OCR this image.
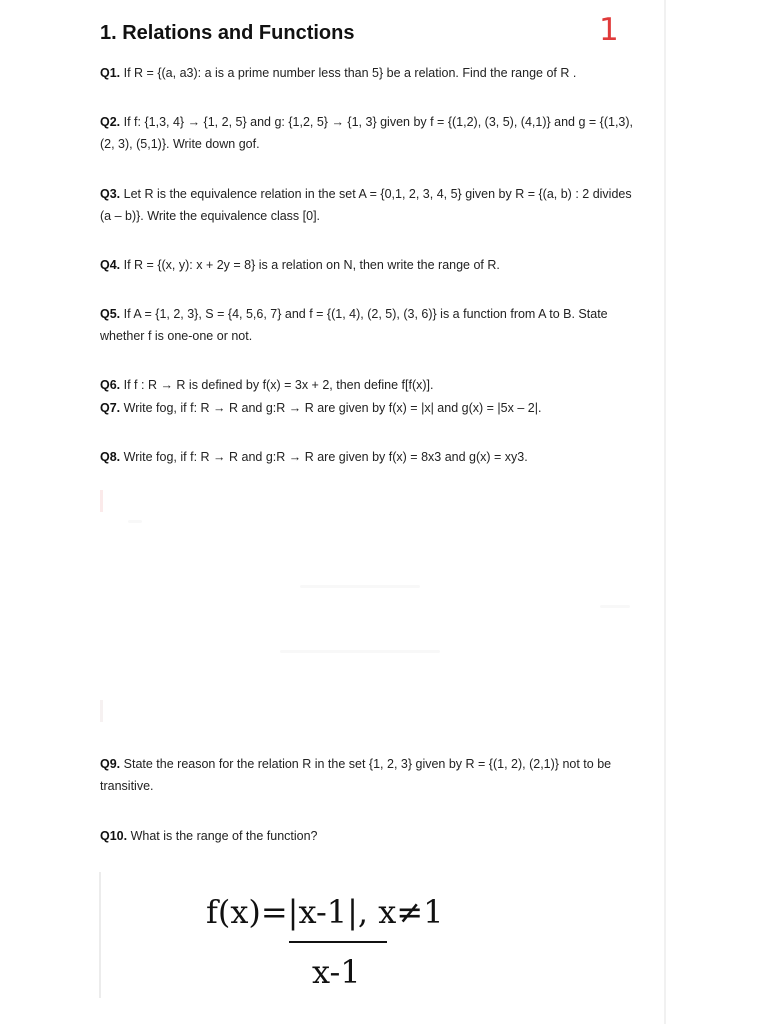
1. Relations and Functions	1
Q1. If R = {(a, a3): a is a prime number less than 5} be a relation. Find the range of R .
Q2. If f: {1,3, 4} → {1, 2, 5} and g: {1,2, 5} → {1, 3} given by f = {(1,2), (3, 5), (4,1)} and g = {(1,3), (2, 3), (5,1)}. Write down gof.
Q3. Let R is the equivalence relation in the set A = {0,1, 2, 3, 4, 5} given by R = {(a, b) : 2 divides (a – b)}. Write the equivalence class [0].
Q4. If R = {(x, y): x + 2y = 8} is a relation on N, then write the range of R.
Q5. If A = {1, 2, 3}, S = {4, 5,6, 7} and f = {(1, 4), (2, 5), (3, 6)} is a function from A to B. State whether f is one-one or not.
Q6. If f : R → R is defined by f(x) = 3x + 2, then define f[f(x)].
Q7. Write fog, if f: R → R and g:R → R are given by f(x) = |x| and g(x) = |5x – 2|.
Q8. Write fog, if f: R → R and g:R → R are given by f(x) = 8x3 and g(x) = xy3.
Q9. State the reason for the relation R in the set {1, 2, 3} given by R = {(1, 2), (2,1)} not to be transitive.
Q10. What is the range of the function?
f(x)=|x-1|, x≠1
x-1
